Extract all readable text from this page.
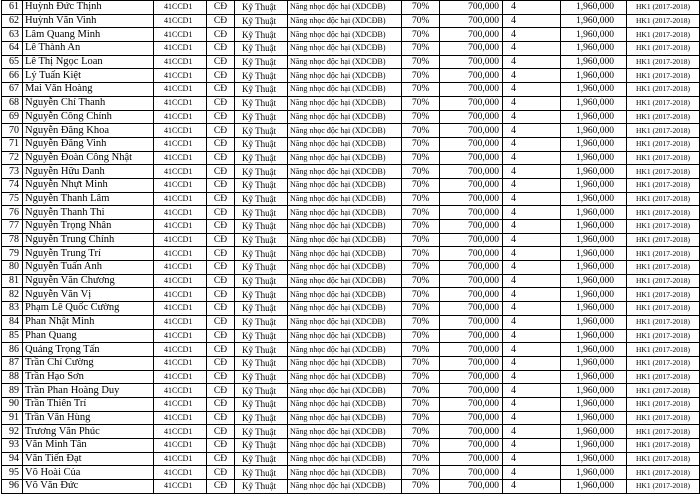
61	Huỳnh Đức Thịnh	41CCD1	CĐ	Kỹ Thuật	Năng nhọc độc hại (XDCĐB)	70%	700,000	4	1,960,000	HK1 (2017-2018)
62	Huỳnh Văn Vinh	41CCD1	CĐ	Kỹ Thuật	Năng nhọc độc hại (XDCĐB)	70%	700,000	4	1,960,000	HK1 (2017-2018)
63	Lâm Quang Minh	41CCD1	CĐ	Kỹ Thuật	Năng nhọc độc hại (XDCĐB)	70%	700,000	4	1,960,000	HK1 (2017-2018)
64	Lê Thành An	41CCD1	CĐ	Kỹ Thuật	Năng nhọc độc hại (XDCĐB)	70%	700,000	4	1,960,000	HK1 (2017-2018)
65	Lê Thị Ngọc Loan	41CCD1	CĐ	Kỹ Thuật	Năng nhọc độc hại (XDCĐB)	70%	700,000	4	1,960,000	HK1 (2017-2018)
66	Lý Tuấn Kiệt	41CCD1	CĐ	Kỹ Thuật	Năng nhọc độc hại (XDCĐB)	70%	700,000	4	1,960,000	HK1 (2017-2018)
67	Mai Văn Hoàng	41CCD1	CĐ	Kỹ Thuật	Năng nhọc độc hại (XDCĐB)	70%	700,000	4	1,960,000	HK1 (2017-2018)
68	Nguyễn Chí Thanh	41CCD1	CĐ	Kỹ Thuật	Năng nhọc độc hại (XDCĐB)	70%	700,000	4	1,960,000	HK1 (2017-2018)
69	Nguyễn Công Chính	41CCD1	CĐ	Kỹ Thuật	Năng nhọc độc hại (XDCĐB)	70%	700,000	4	1,960,000	HK1 (2017-2018)
70	Nguyễn Đăng Khoa	41CCD1	CĐ	Kỹ Thuật	Năng nhọc độc hại (XDCĐB)	70%	700,000	4	1,960,000	HK1 (2017-2018)
71	Nguyễn Đăng Vinh	41CCD1	CĐ	Kỹ Thuật	Năng nhọc độc hại (XDCĐB)	70%	700,000	4	1,960,000	HK1 (2017-2018)
72	Nguyễn Đoàn Công Nhật	41CCD1	CĐ	Kỹ Thuật	Năng nhọc độc hại (XDCĐB)	70%	700,000	4	1,960,000	HK1 (2017-2018)
73	Nguyễn Hữu Danh	41CCD1	CĐ	Kỹ Thuật	Năng nhọc độc hại (XDCĐB)	70%	700,000	4	1,960,000	HK1 (2017-2018)
74	Nguyễn Nhựt Minh	41CCD1	CĐ	Kỹ Thuật	Năng nhọc độc hại (XDCĐB)	70%	700,000	4	1,960,000	HK1 (2017-2018)
75	Nguyễn Thanh Lâm	41CCD1	CĐ	Kỹ Thuật	Năng nhọc độc hại (XDCĐB)	70%	700,000	4	1,960,000	HK1 (2017-2018)
76	Nguyễn Thanh Thi	41CCD1	CĐ	Kỹ Thuật	Năng nhọc độc hại (XDCĐB)	70%	700,000	4	1,960,000	HK1 (2017-2018)
77	Nguyễn Trọng Nhân	41CCD1	CĐ	Kỹ Thuật	Năng nhọc độc hại (XDCĐB)	70%	700,000	4	1,960,000	HK1 (2017-2018)
78	Nguyễn Trung Chính	41CCD1	CĐ	Kỹ Thuật	Năng nhọc độc hại (XDCĐB)	70%	700,000	4	1,960,000	HK1 (2017-2018)
79	Nguyễn Trung Trí	41CCD1	CĐ	Kỹ Thuật	Năng nhọc độc hại (XDCĐB)	70%	700,000	4	1,960,000	HK1 (2017-2018)
80	Nguyễn Tuấn Anh	41CCD1	CĐ	Kỹ Thuật	Năng nhọc độc hại (XDCĐB)	70%	700,000	4	1,960,000	HK1 (2017-2018)
81	Nguyễn Văn Chương	41CCD1	CĐ	Kỹ Thuật	Năng nhọc độc hại (XDCĐB)	70%	700,000	4	1,960,000	HK1 (2017-2018)
82	Nguyễn Văn Vị	41CCD1	CĐ	Kỹ Thuật	Năng nhọc độc hại (XDCĐB)	70%	700,000	4	1,960,000	HK1 (2017-2018)
83	Phạm Lê Quốc Cường	41CCD1	CĐ	Kỹ Thuật	Năng nhọc độc hại (XDCĐB)	70%	700,000	4	1,960,000	HK1 (2017-2018)
84	Phan Nhật Minh	41CCD1	CĐ	Kỹ Thuật	Năng nhọc độc hại (XDCĐB)	70%	700,000	4	1,960,000	HK1 (2017-2018)
85	Phan Quang	41CCD1	CĐ	Kỹ Thuật	Năng nhọc độc hại (XDCĐB)	70%	700,000	4	1,960,000	HK1 (2017-2018)
86	Quảng Trọng Tấn	41CCD1	CĐ	Kỹ Thuật	Năng nhọc độc hại (XDCĐB)	70%	700,000	4	1,960,000	HK1 (2017-2018)
87	Trần Chí Cường	41CCD1	CĐ	Kỹ Thuật	Năng nhọc độc hại (XDCĐB)	70%	700,000	4	1,960,000	HK1 (2017-2018)
88	Trần Hạo Sơn	41CCD1	CĐ	Kỹ Thuật	Năng nhọc độc hại (XDCĐB)	70%	700,000	4	1,960,000	HK1 (2017-2018)
89	Trần Phan Hoàng Duy	41CCD1	CĐ	Kỹ Thuật	Năng nhọc độc hại (XDCĐB)	70%	700,000	4	1,960,000	HK1 (2017-2018)
90	Trần Thiên Trí	41CCD1	CĐ	Kỹ Thuật	Năng nhọc độc hại (XDCĐB)	70%	700,000	4	1,960,000	HK1 (2017-2018)
91	Trần Văn Hùng	41CCD1	CĐ	Kỹ Thuật	Năng nhọc độc hại (XDCĐB)	70%	700,000	4	1,960,000	HK1 (2017-2018)
92	Trương Văn Phúc	41CCD1	CĐ	Kỹ Thuật	Năng nhọc độc hại (XDCĐB)	70%	700,000	4	1,960,000	HK1 (2017-2018)
93	Văn Minh Tân	41CCD1	CĐ	Kỹ Thuật	Năng nhọc độc hại (XDCĐB)	70%	700,000	4	1,960,000	HK1 (2017-2018)
94	Văn Tiến Đạt	41CCD1	CĐ	Kỹ Thuật	Năng nhọc độc hại (XDCĐB)	70%	700,000	4	1,960,000	HK1 (2017-2018)
95	Võ Hoài Của	41CCD1	CĐ	Kỹ Thuật	Năng nhọc độc hại (XDCĐB)	70%	700,000	4	1,960,000	HK1 (2017-2018)
96	Võ Văn Đức	41CCD1	CĐ	Kỹ Thuật	Năng nhọc độc hại (XDCĐB)	70%	700,000	4	1,960,000	HK1 (2017-2018)
